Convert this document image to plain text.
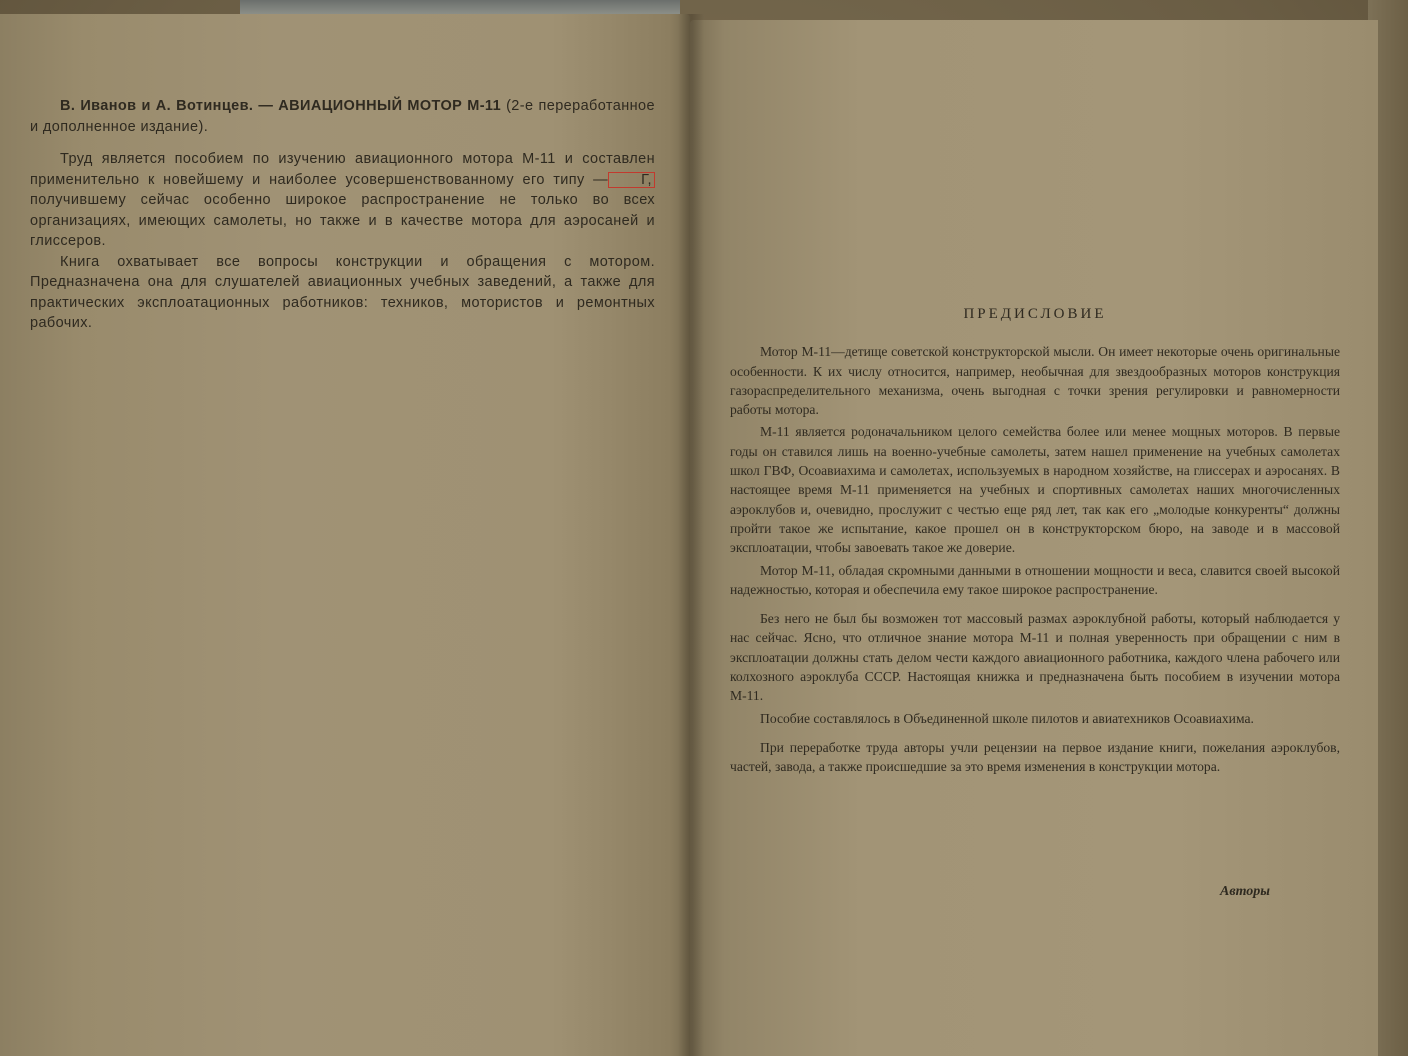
В. Иванов и А. Вотинцев. — АВИАЦИОННЫЙ МОТОР М-11 (2-е переработанное и дополненное издание).

Труд является пособием по изучению авиационного мотора М-11 и составлен применительно к новейшему и наиболее усовершенствованному его типу — Г, получившему сейчас особенно широкое распространение не только во всех организациях, имеющих самолеты, но также и в качестве мотора для аэросаней и глиссеров.

Книга охватывает все вопросы конструкции и обращения с мотором. Предназначена она для слушателей авиационных учебных заведений, а также для практических эксплоатационных работников: техников, мотористов и ремонтных рабочих.

ПРЕДИСЛОВИЕ

Мотор М-11—детище советской конструкторской мысли. Он имеет некоторые очень оригинальные особенности. К их числу относится, например, необычная для звездообразных моторов конструкция газораспределительного механизма, очень выгодная с точки зрения регулировки и равномерности работы мотора.

М-11 является родоначальником целого семейства более или менее мощных моторов. В первые годы он ставился лишь на военно-учебные самолеты, затем нашел применение на учебных самолетах школ ГВФ, Осоавиахима и самолетах, используемых в народном хозяйстве, на глиссерах и аэросанях. В настоящее время М-11 применяется на учебных и спортивных самолетах наших многочисленных аэроклубов и, очевидно, прослужит с честью еще ряд лет, так как его „молодые конкуренты“ должны пройти такое же испытание, какое прошел он в конструкторском бюро, на заводе и в массовой эксплоатации, чтобы завоевать такое же доверие.

Мотор М-11, обладая скромными данными в отношении мощности и веса, славится своей высокой надежностью, которая и обеспечила ему такое широкое распространение.

Без него не был бы возможен тот массовый размах аэроклубной работы, который наблюдается у нас сейчас. Ясно, что отличное знание мотора М-11 и полная уверенность при обращении с ним в эксплоатации должны стать делом чести каждого авиационного работника, каждого члена рабочего или колхозного аэроклуба СССР. Настоящая книжка и предназначена быть пособием в изучении мотора М-11.

Пособие составлялось в Объединенной школе пилотов и авиатехников Осоавиахима.

При переработке труда авторы учли рецензии на первое издание книги, пожелания аэроклубов, частей, завода, а также происшедшие за это время изменения в конструкции мотора.

Авторы
